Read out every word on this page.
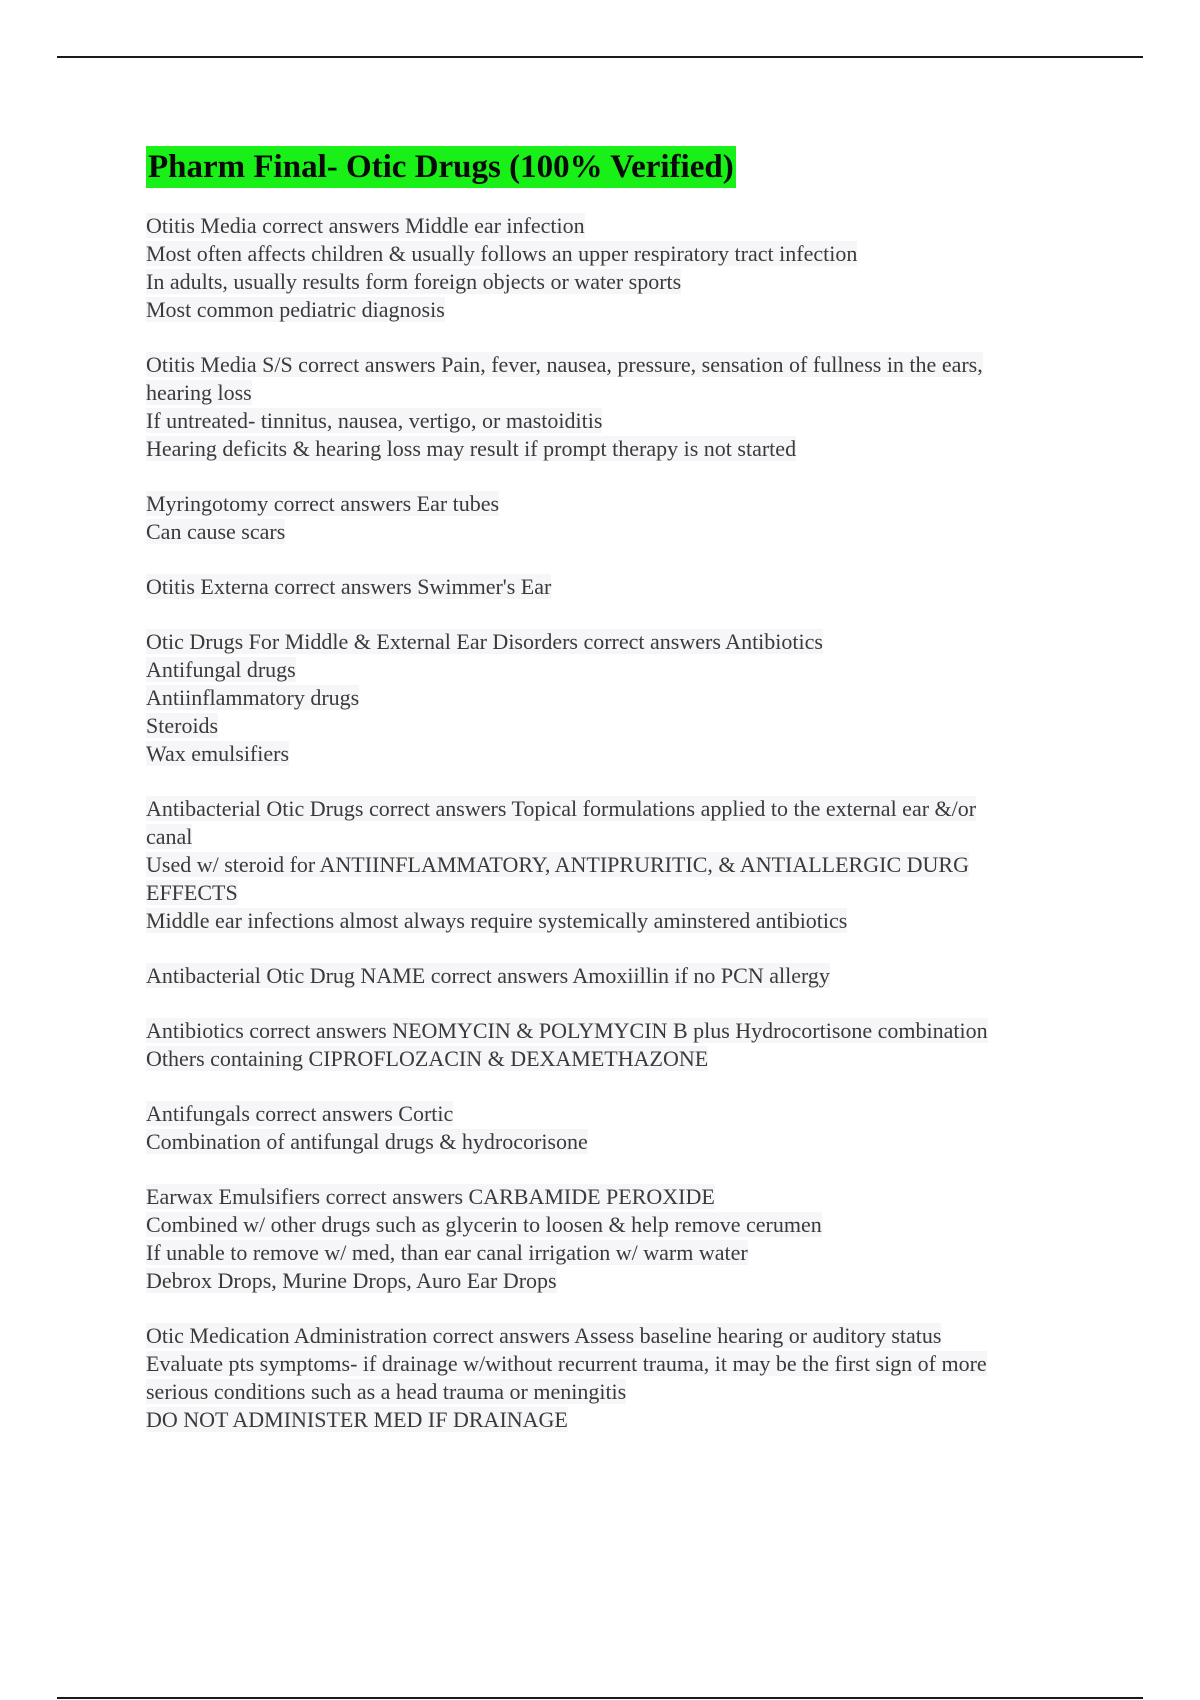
Pharm Final- Otic Drugs (100% Verified)
Otitis Media correct answers Middle ear infection
Most often affects children & usually follows an upper respiratory tract infection
In adults, usually results form foreign objects or water sports
Most common pediatric diagnosis
Otitis Media S/S correct answers Pain, fever, nausea, pressure, sensation of fullness in the ears,
hearing loss
If untreated- tinnitus, nausea, vertigo, or mastoiditis
Hearing deficits & hearing loss may result if prompt therapy is not started
Myringotomy correct answers Ear tubes
Can cause scars
Otitis Externa correct answers Swimmer's Ear
Otic Drugs For Middle & External Ear Disorders correct answers Antibiotics
Antifungal drugs
Antiinflammatory drugs
Steroids
Wax emulsifiers
Antibacterial Otic Drugs correct answers Topical formulations applied to the external ear &/or
canal
Used w/ steroid for ANTIINFLAMMATORY, ANTIPRURITIC, & ANTIALLERGIC DURG
EFFECTS
Middle ear infections almost always require systemically aminstered antibiotics
Antibacterial Otic Drug NAME correct answers Amoxiillin if no PCN allergy
Antibiotics correct answers NEOMYCIN & POLYMYCIN B plus Hydrocortisone combination
Others containing CIPROFLOZACIN & DEXAMETHAZONE
Antifungals correct answers Cortic
Combination of antifungal drugs & hydrocorisone
Earwax Emulsifiers correct answers CARBAMIDE PEROXIDE
Combined w/ other drugs such as glycerin to loosen & help remove cerumen
If unable to remove w/ med, than ear canal irrigation w/ warm water
Debrox Drops, Murine Drops, Auro Ear Drops
Otic Medication Administration correct answers Assess baseline hearing or auditory status
Evaluate pts symptoms- if drainage w/without recurrent trauma, it may be the first sign of more
serious conditions such as a head trauma or meningitis
DO NOT ADMINISTER MED IF DRAINAGE
